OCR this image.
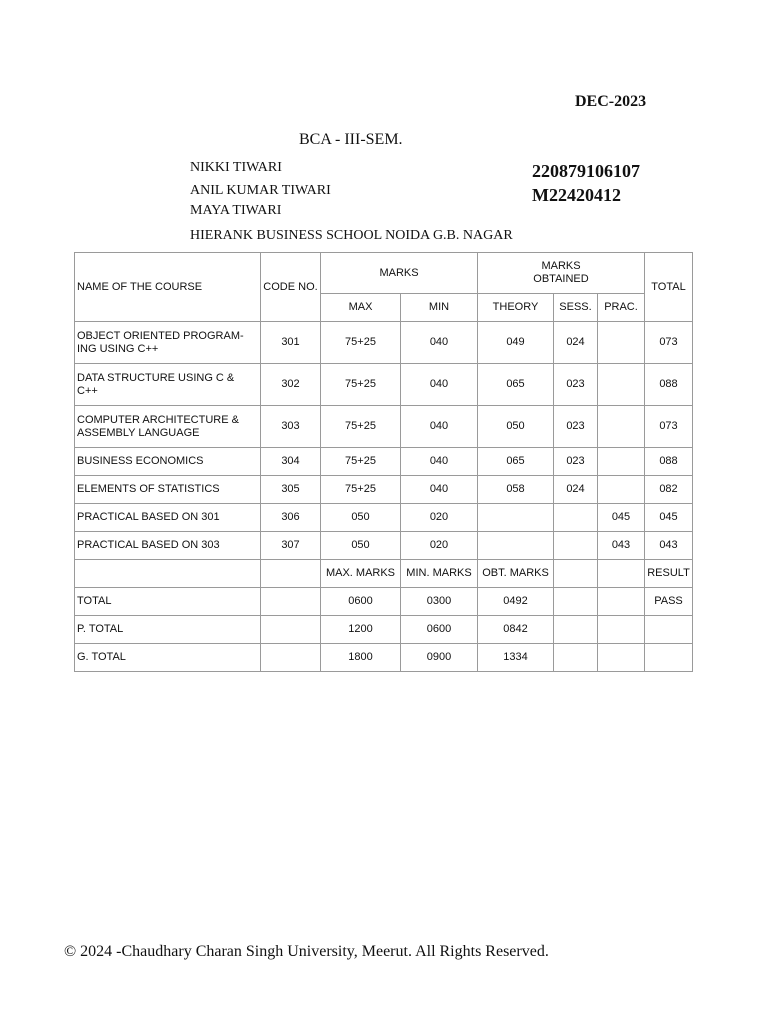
DEC-2023
BCA - III-SEM.
NIKKI TIWARI
ANIL KUMAR TIWARI
MAYA TIWARI
HIERANK BUSINESS SCHOOL NOIDA G.B. NAGAR
220879106107
M22420412
NAME OF THE COURSE	CODE NO.	MARKS		MARKS OBTAINED			TOTAL
		MAX	MIN	THEORY	SESS.	PRAC.	
OBJECT ORIENTED PROGRAM-ING USING C++	301	75+25	040	049	024		073
DATA STRUCTURE USING C & C++	302	75+25	040	065	023		088
COMPUTER ARCHITECTURE & ASSEMBLY LANGUAGE	303	75+25	040	050	023		073
BUSINESS ECONOMICS	304	75+25	040	065	023		088
ELEMENTS OF STATISTICS	305	75+25	040	058	024		082
PRACTICAL BASED ON 301	306	050	020			045	045
PRACTICAL BASED ON 303	307	050	020			043	043
		MAX. MARKS	MIN. MARKS	OBT. MARKS			RESULT
TOTAL		0600	0300	0492			PASS
P. TOTAL		1200	0600	0842			
G. TOTAL		1800	0900	1334			
© 2024 -Chaudhary Charan Singh University, Meerut. All Rights Reserved.
